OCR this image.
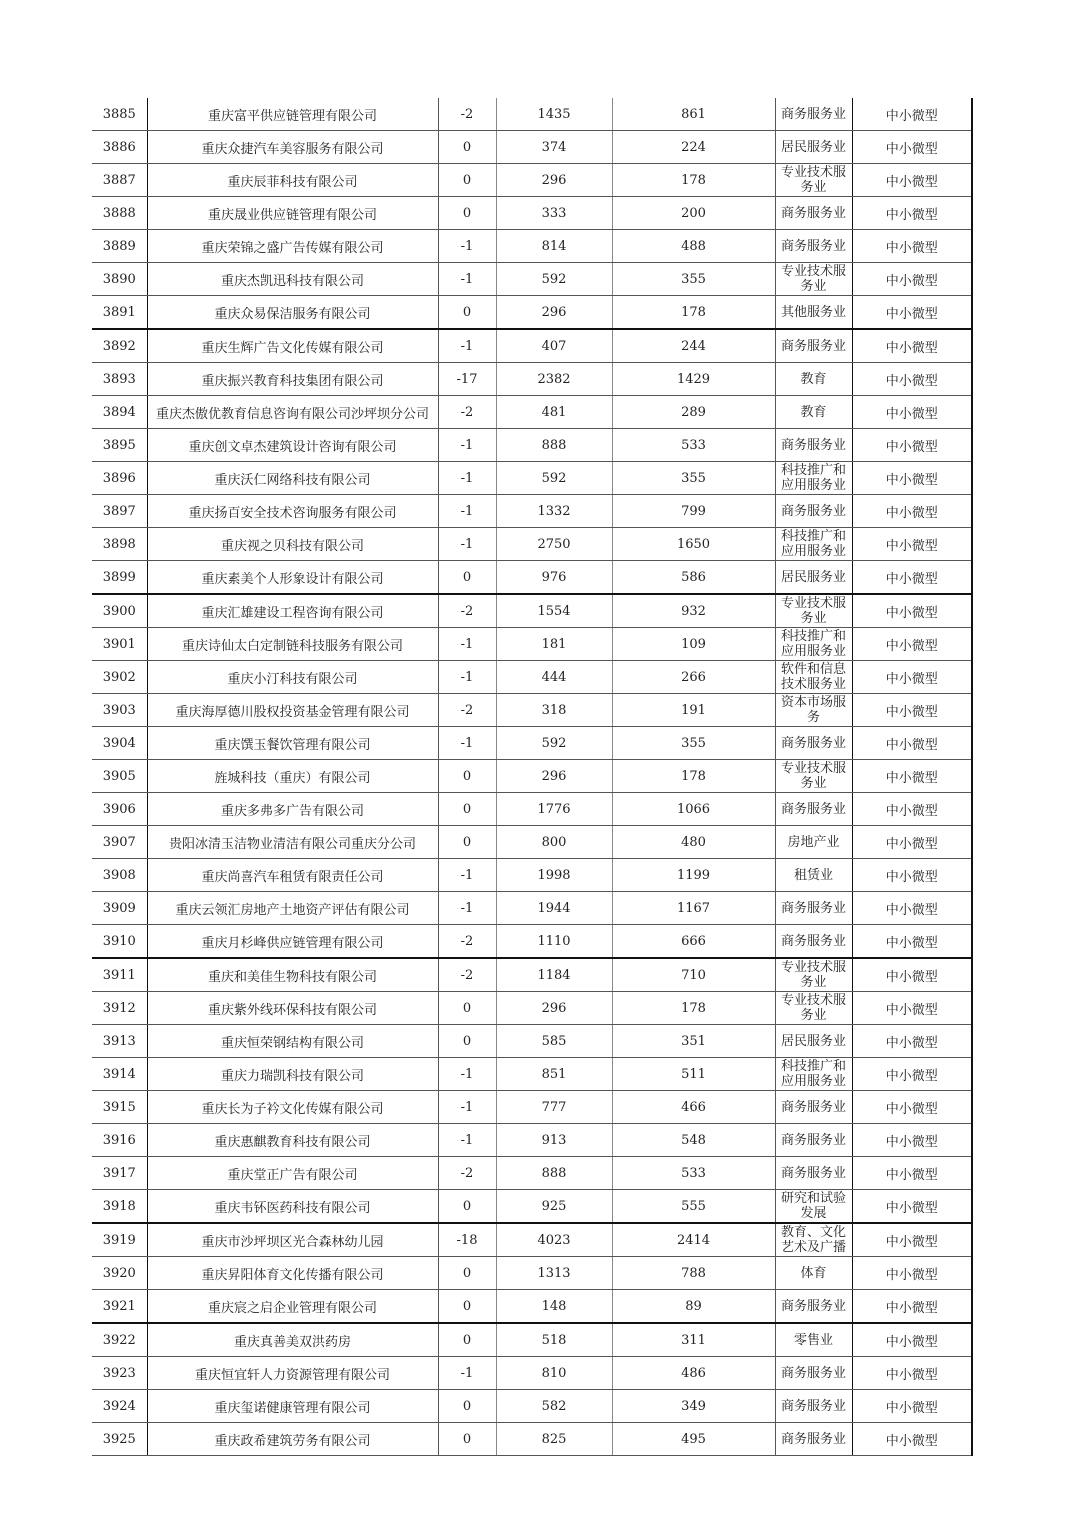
3885	重庆富平供应链管理有限公司	-2	1435	861	商务服务业	中小微型
3886	重庆众捷汽车美容服务有限公司	0	374	224	居民服务业	中小微型
3887	重庆辰菲科技有限公司	0	296	178	专业技术服务业	中小微型
3888	重庆晟业供应链管理有限公司	0	333	200	商务服务业	中小微型
3889	重庆荣锦之盛广告传媒有限公司	-1	814	488	商务服务业	中小微型
3890	重庆杰凯迅科技有限公司	-1	592	355	专业技术服务业	中小微型
3891	重庆众易保洁服务有限公司	0	296	178	其他服务业	中小微型
3892	重庆生辉广告文化传媒有限公司	-1	407	244	商务服务业	中小微型
3893	重庆振兴教育科技集团有限公司	-17	2382	1429	教育	中小微型
3894	重庆杰傲优教育信息咨询有限公司沙坪坝分公司	-2	481	289	教育	中小微型
3895	重庆创文卓杰建筑设计咨询有限公司	-1	888	533	商务服务业	中小微型
3896	重庆沃仁网络科技有限公司	-1	592	355	科技推广和应用服务业	中小微型
3897	重庆扬百安全技术咨询服务有限公司	-1	1332	799	商务服务业	中小微型
3898	重庆视之贝科技有限公司	-1	2750	1650	科技推广和应用服务业	中小微型
3899	重庆素美个人形象设计有限公司	0	976	586	居民服务业	中小微型
3900	重庆汇雄建设工程咨询有限公司	-2	1554	932	专业技术服务业	中小微型
3901	重庆诗仙太白定制链科技服务有限公司	-1	181	109	科技推广和应用服务业	中小微型
3902	重庆小汀科技有限公司	-1	444	266	软件和信息技术服务业	中小微型
3903	重庆海厚德川股权投资基金管理有限公司	-2	318	191	资本市场服务	中小微型
3904	重庆馔玉餐饮管理有限公司	-1	592	355	商务服务业	中小微型
3905	旌城科技（重庆）有限公司	0	296	178	专业技术服务业	中小微型
3906	重庆多弗多广告有限公司	0	1776	1066	商务服务业	中小微型
3907	贵阳冰清玉洁物业清洁有限公司重庆分公司	0	800	480	房地产业	中小微型
3908	重庆尚喜汽车租赁有限责任公司	-1	1998	1199	租赁业	中小微型
3909	重庆云领汇房地产土地资产评估有限公司	-1	1944	1167	商务服务业	中小微型
3910	重庆月杉峰供应链管理有限公司	-2	1110	666	商务服务业	中小微型
3911	重庆和美佳生物科技有限公司	-2	1184	710	专业技术服务业	中小微型
3912	重庆紫外线环保科技有限公司	0	296	178	专业技术服务业	中小微型
3913	重庆恒荣钢结构有限公司	0	585	351	居民服务业	中小微型
3914	重庆力瑞凯科技有限公司	-1	851	511	科技推广和应用服务业	中小微型
3915	重庆长为子衿文化传媒有限公司	-1	777	466	商务服务业	中小微型
3916	重庆惠麒教育科技有限公司	-1	913	548	商务服务业	中小微型
3917	重庆堂正广告有限公司	-2	888	533	商务服务业	中小微型
3918	重庆韦钚医药科技有限公司	0	925	555	研究和试验发展	中小微型
3919	重庆市沙坪坝区光合森林幼儿园	-18	4023	2414	教育、文化艺术及广播	中小微型
3920	重庆昇阳体育文化传播有限公司	0	1313	788	体育	中小微型
3921	重庆宸之启企业管理有限公司	0	148	89	商务服务业	中小微型
3922	重庆真善美双洪药房	0	518	311	零售业	中小微型
3923	重庆恒宜轩人力资源管理有限公司	-1	810	486	商务服务业	中小微型
3924	重庆玺诺健康管理有限公司	0	582	349	商务服务业	中小微型
3925	重庆政希建筑劳务有限公司	0	825	495	商务服务业	中小微型
